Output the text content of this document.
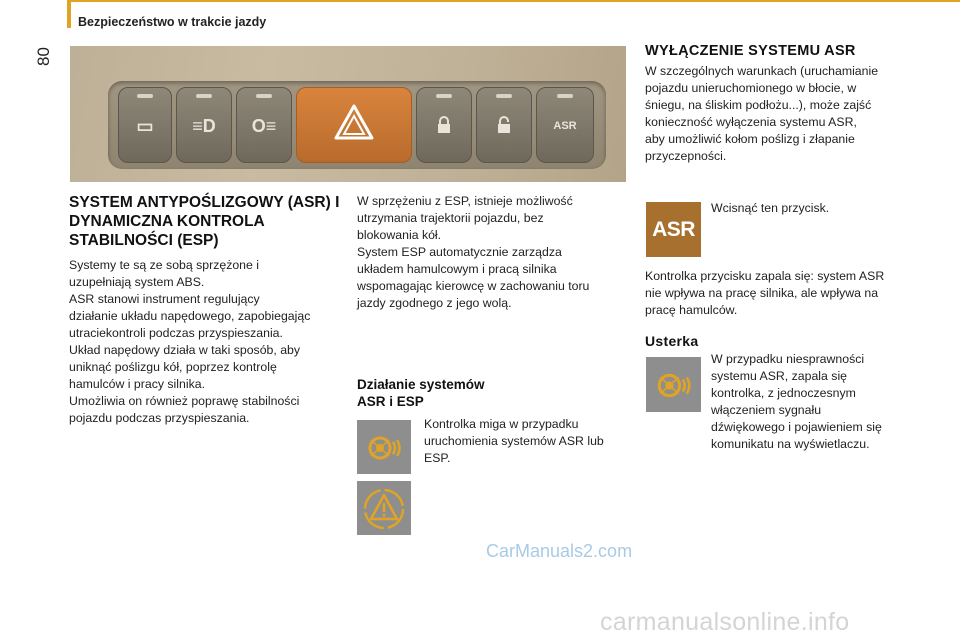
Bezpieczeństwo w trakcie jazdy
80
▭	≡D	O≡	ASR
SYSTEM ANTYPOŚLIZGOWY (ASR) I DYNAMICZNA KONTROLA STABILNOŚCI (ESP)
Systemy te są ze sobą sprzężone i
uzupełniają system ABS.
ASR stanowi instrument regulujący
działanie układu napędowego, zapobiegając
utraciekontroli podczas przyspieszania.
Układ napędowy działa w taki sposób, aby
uniknąć poślizgu kół, poprzez kontrolę
hamulców i pracy silnika.
Umożliwia on również poprawę stabilności
pojazdu podczas przyspieszania.
W sprzężeniu z ESP, istnieje możliwość
utrzymania trajektorii pojazdu, bez
blokowania kół.
System ESP automatycznie zarządza
układem hamulcowym i pracą silnika
wspomagając kierowcę w zachowaniu toru
jazdy zgodnego z jego wolą.
Działanie systemów
ASR i ESP
Kontrolka miga w przypadku
uruchomienia systemów ASR lub
ESP.
WYŁĄCZENIE SYSTEMU ASR
W szczególnych warunkach (uruchamianie
pojazdu unieruchomionego w błocie, w
śniegu, na śliskim podłożu...), może zajść
konieczność wyłączenia systemu ASR,
aby umożliwić kołom poślizg i złapanie
przyczepności.
ASR
Wcisnąć ten przycisk.
Kontrolka przycisku zapala się: system ASR
nie wpływa na pracę silnika, ale wpływa na
pracę hamulców.
Usterka
W przypadku niesprawności
systemu ASR, zapala się
kontrolka, z jednoczesnym
włączeniem sygnału
dźwiękowego i pojawieniem się
komunikatu na wyświetlaczu.
CarManuals2.com
carmanualsonline.info
